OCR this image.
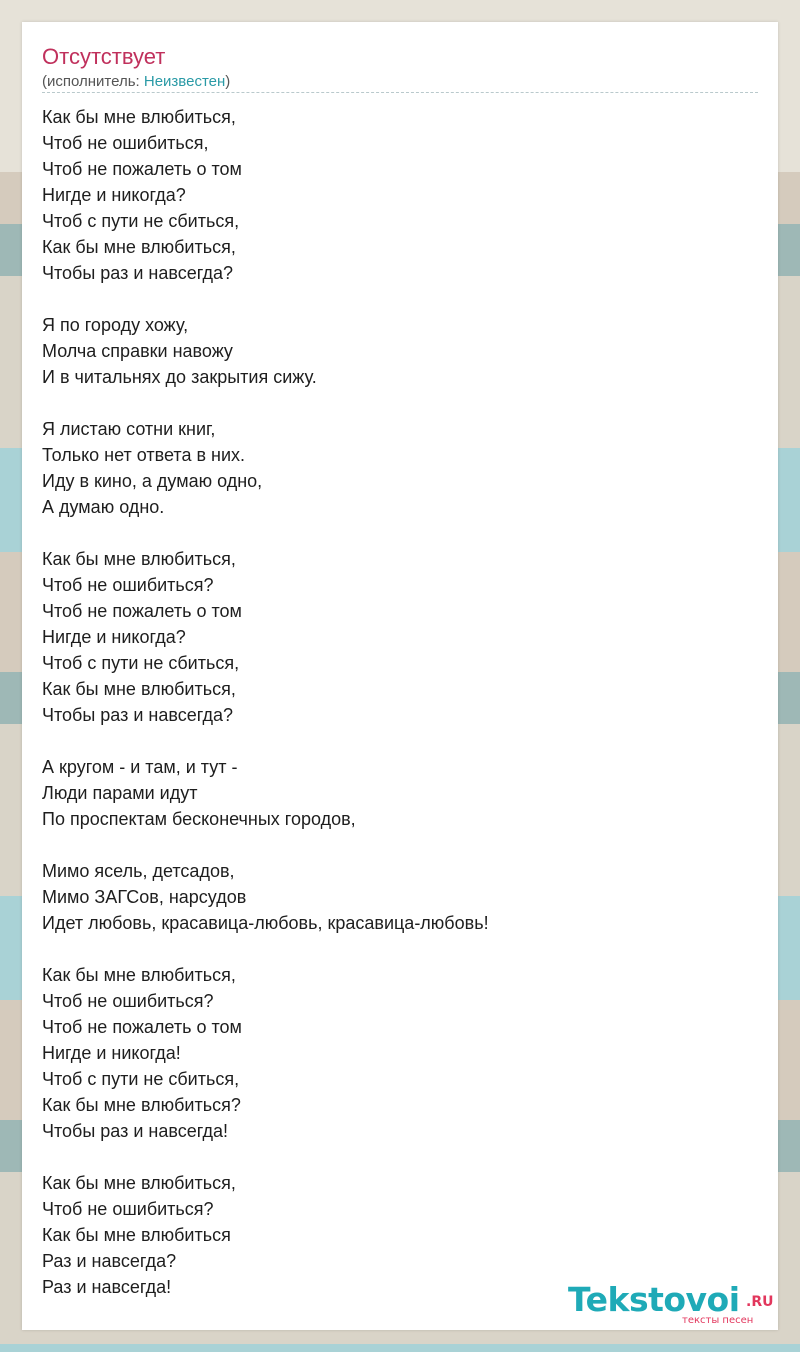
Отсутствует
(исполнитель: Неизвестен)
Как бы мне влюбиться,
Чтоб не ошибиться,
Чтоб не пожалеть о том
Нигде и никогда?
Чтоб с пути не сбиться,
Как бы мне влюбиться,
Чтобы раз и навсегда?
Я по городу хожу,
Молча справки навожу
И в читальнях до закрытия сижу.
Я листаю сотни книг,
Только нет ответа в них.
Иду в кино, а думаю одно,
А думаю одно.
Как бы мне влюбиться,
Чтоб не ошибиться?
Чтоб не пожалеть о том
Нигде и никогда?
Чтоб с пути не сбиться,
Как бы мне влюбиться,
Чтобы раз и навсегда?
А кругом - и там, и тут -
Люди парами идут
По проспектам бесконечных городов,
Мимо ясель, детсадов,
Мимо ЗАГСов, нарсудов
Идет любовь, красавица-любовь, красавица-любовь!
Как бы мне влюбиться,
Чтоб не ошибиться?
Чтоб не пожалеть о том
Нигде и никогда!
Чтоб с пути не сбиться,
Как бы мне влюбиться?
Чтобы раз и навсегда!
Как бы мне влюбиться,
Чтоб не ошибиться?
Как бы мне влюбиться
Раз и навсегда?
Раз и навсегда!	Tekstovoi .RU
тексты песен
